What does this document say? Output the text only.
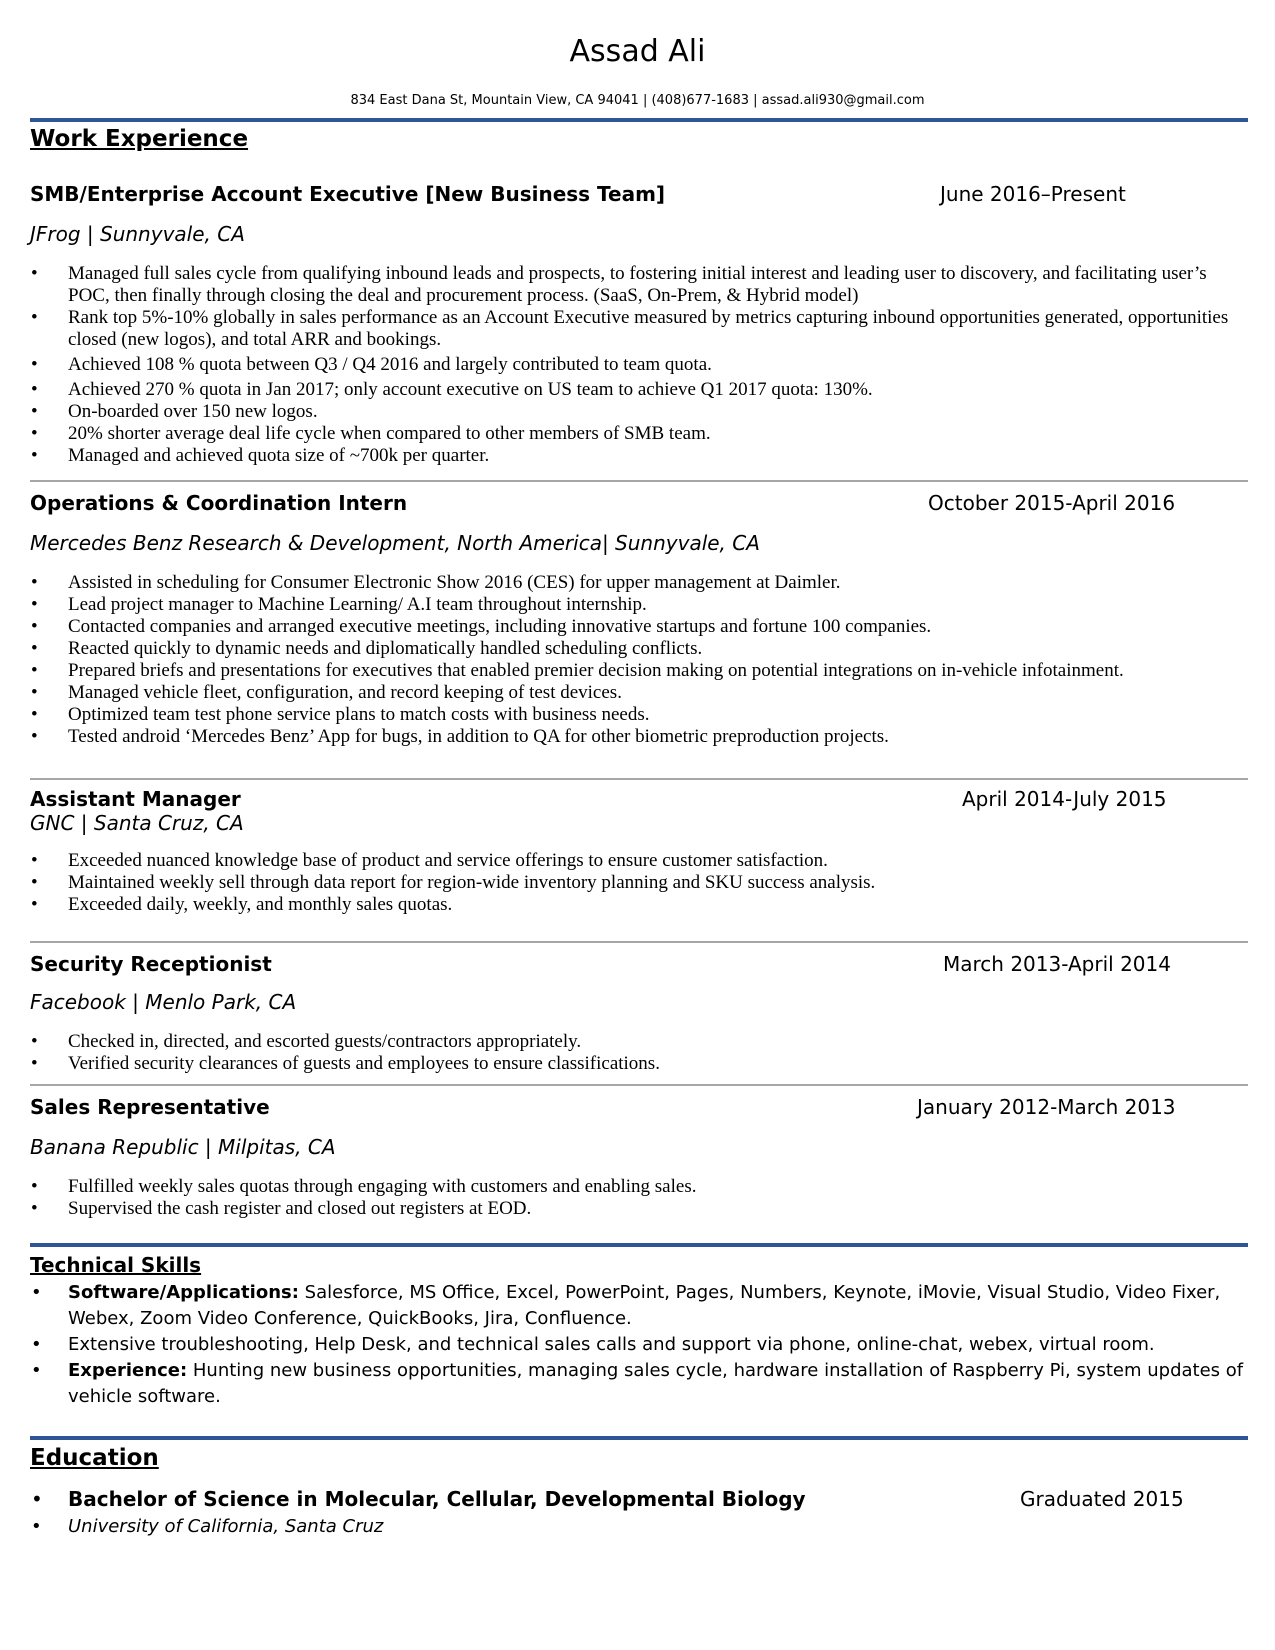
Assad Ali
834 East Dana St, Mountain View, CA 94041 | (408)677-1683 | assad.ali930@gmail.com
Work Experience
SMB/Enterprise Account Executive [New Business Team]	June 2016–Present
JFrog | Sunnyvale, CA
• Managed full sales cycle from qualifying inbound leads and prospects, to fostering initial interest and leading user to discovery, and facilitating user’s POC, then finally through closing the deal and procurement process. (SaaS, On-Prem, & Hybrid model)
• Rank top 5%-10% globally in sales performance as an Account Executive measured by metrics capturing inbound opportunities generated, opportunities closed (new logos), and total ARR and bookings.
• Achieved 108 % quota between Q3 / Q4 2016 and largely contributed to team quota.
• Achieved 270 % quota in Jan 2017; only account executive on US team to achieve Q1 2017 quota: 130%.
• On-boarded over 150 new logos.
• 20% shorter average deal life cycle when compared to other members of SMB team.
• Managed and achieved quota size of ~700k per quarter.
Operations & Coordination Intern	October 2015-April 2016
Mercedes Benz Research & Development, North America| Sunnyvale, CA
• Assisted in scheduling for Consumer Electronic Show 2016 (CES) for upper management at Daimler.
• Lead project manager to Machine Learning/ A.I team throughout internship.
• Contacted companies and arranged executive meetings, including innovative startups and fortune 100 companies.
• Reacted quickly to dynamic needs and diplomatically handled scheduling conflicts.
• Prepared briefs and presentations for executives that enabled premier decision making on potential integrations on in-vehicle infotainment.
• Managed vehicle fleet, configuration, and record keeping of test devices.
• Optimized team test phone service plans to match costs with business needs.
• Tested android ‘Mercedes Benz’ App for bugs, in addition to QA for other biometric preproduction projects.
Assistant Manager	April 2014-July 2015
GNC | Santa Cruz, CA
• Exceeded nuanced knowledge base of product and service offerings to ensure customer satisfaction.
• Maintained weekly sell through data report for region-wide inventory planning and SKU success analysis.
• Exceeded daily, weekly, and monthly sales quotas.
Security Receptionist	March 2013-April 2014
Facebook | Menlo Park, CA
• Checked in, directed, and escorted guests/contractors appropriately.
• Verified security clearances of guests and employees to ensure classifications.
Sales Representative	January 2012-March 2013
Banana Republic | Milpitas, CA
• Fulfilled weekly sales quotas through engaging with customers and enabling sales.
• Supervised the cash register and closed out registers at EOD.
Technical Skills
• Software/Applications: Salesforce, MS Office, Excel, PowerPoint, Pages, Numbers, Keynote, iMovie, Visual Studio, Video Fixer, Webex, Zoom Video Conference, QuickBooks, Jira, Confluence.
• Extensive troubleshooting, Help Desk, and technical sales calls and support via phone, online-chat, webex, virtual room.
• Experience: Hunting new business opportunities, managing sales cycle, hardware installation of Raspberry Pi, system updates of vehicle software.
Education
• Bachelor of Science in Molecular, Cellular, Developmental Biology	Graduated 2015
• University of California, Santa Cruz
